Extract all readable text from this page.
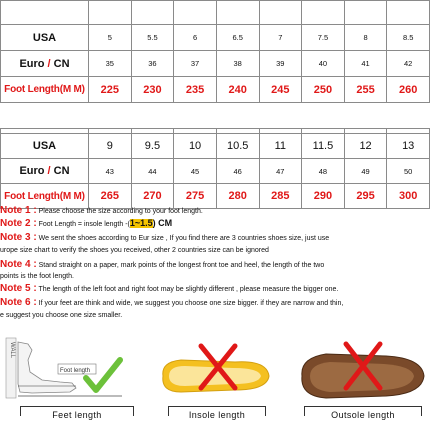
USA	5	5.5	6	6.5	7	7.5	8	8.5
Euro / CN	35	36	37	38	39	40	41	42
Foot Length(M M)	225	230	235	240	245	250	255	260

USA	9	9.5	10	10.5	11	11.5	12	13
Euro / CN	43	44	45	46	47	48	49	50
Foot Length(M M)	265	270	275	280	285	290	295	300
Note 1 : Please choose the size according to your foot length.
Note 2 : Foot Length = insole length -(1~1.5) CM
Note 3 : We sent the shoes according to Eur size , If you find there are 3 countries shoes size, just use
urope size chart to verify the shoes you received, other 2 countries size can be ignored
Note 4 : Stand straight on a paper, mark points of the longest front toe and heel, the length of the two
points is the foot length.
Note 5 : The length of the left foot and right foot may be slightly different , please measure the bigger one.
Note 6 : If your feet are think and wide, we suggest you choose one size bigger. if they are narrow and thin,
e suggest you choose one size smaller.
WALL
Foot length
Feet length	Insole length	Outsole length
